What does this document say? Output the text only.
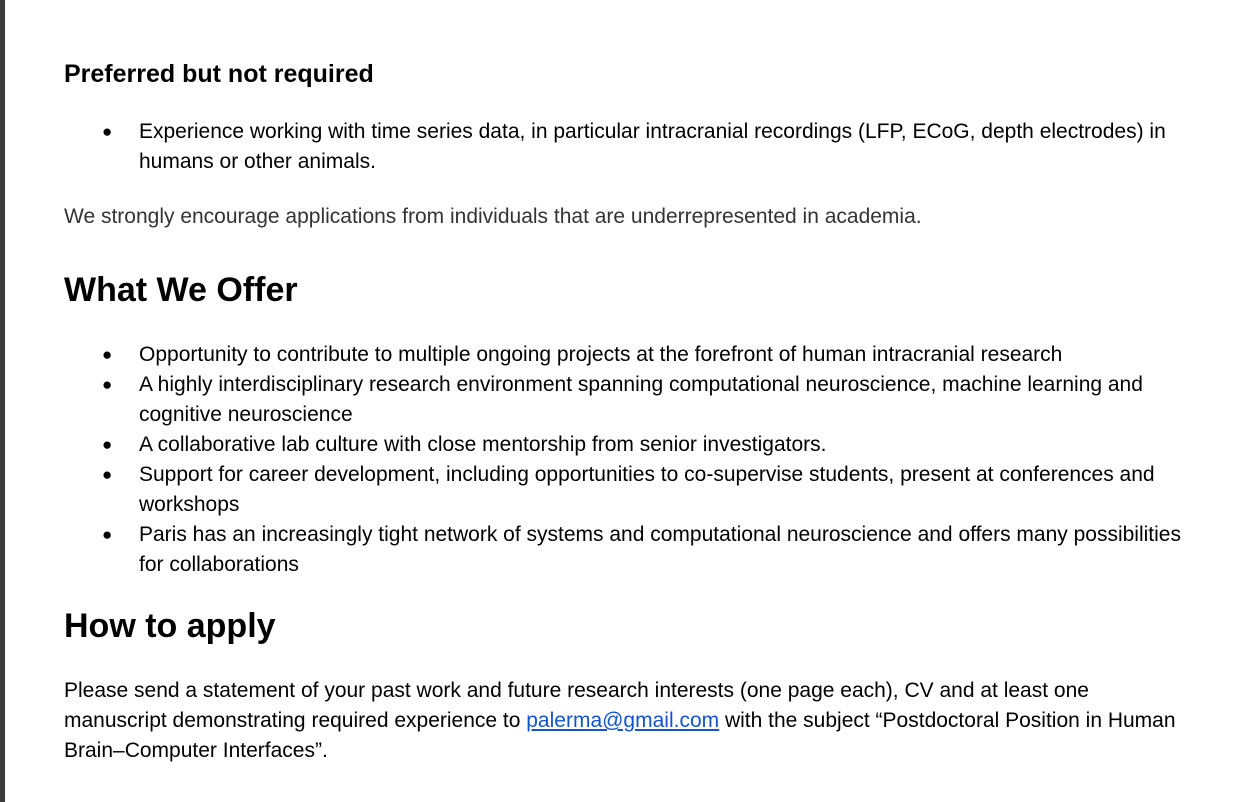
Preferred but not required
● Experience working with time series data, in particular intracranial recordings (LFP, ECoG, depth electrodes) in humans or other animals.

We strongly encourage applications from individuals that are underrepresented in academia.

What We Offer
● Opportunity to contribute to multiple ongoing projects at the forefront of human intracranial research
● A highly interdisciplinary research environment spanning computational neuroscience, machine learning and cognitive neuroscience
● A collaborative lab culture with close mentorship from senior investigators.
● Support for career development, including opportunities to co-supervise students, present at conferences and workshops
● Paris has an increasingly tight network of systems and computational neuroscience and offers many possibilities for collaborations
How to apply

Please send a statement of your past work and future research interests (one page each), CV and at least one manuscript demonstrating required experience to palerma@gmail.com with the subject “Postdoctoral Position in Human Brain–Computer Interfaces”.
